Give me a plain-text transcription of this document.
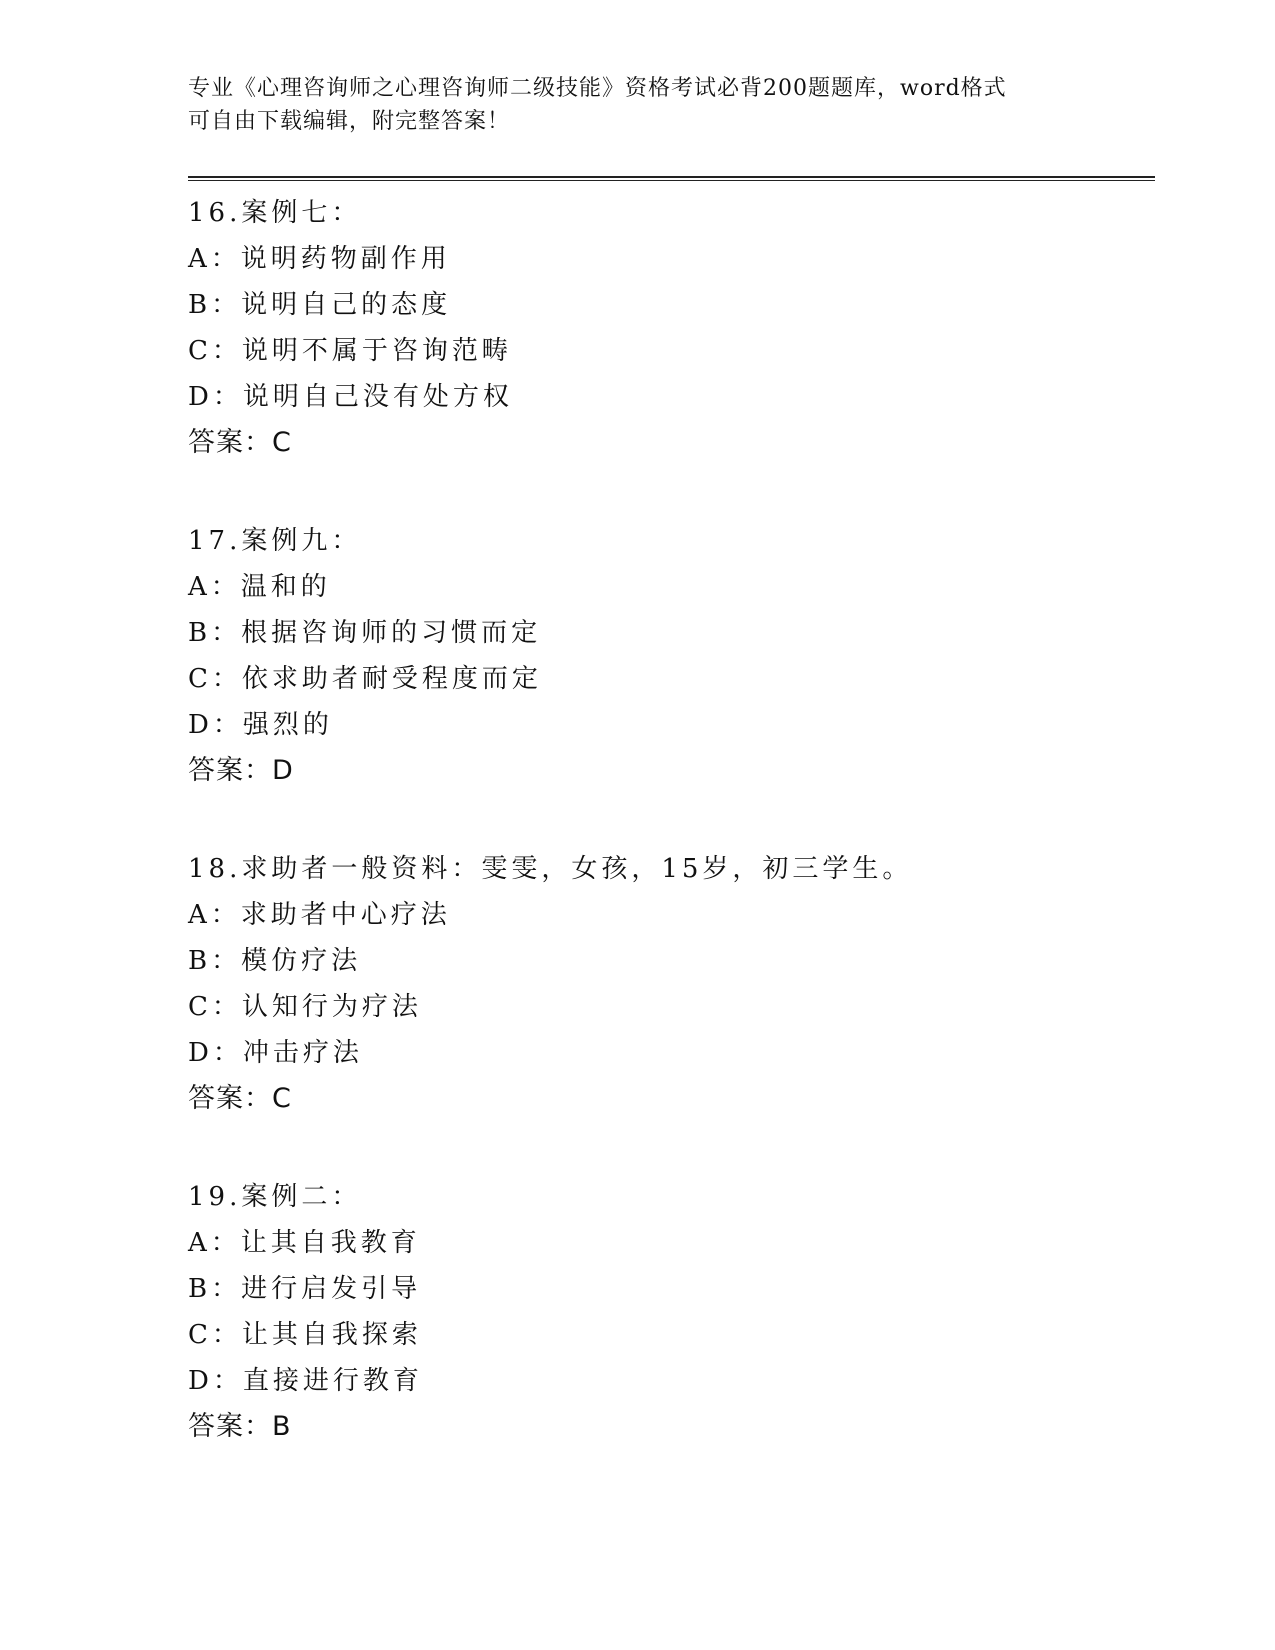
专业《心理咨询师之心理咨询师二级技能》资格考试必背200题题库，word格式
可自由下载编辑，附完整答案！
16.案例七：
A：说明药物副作用
B：说明自己的态度
C：说明不属于咨询范畴
D：说明自己没有处方权
答案：C
17.案例九：
A：温和的
B：根据咨询师的习惯而定
C：依求助者耐受程度而定
D：强烈的
答案：D
18.求助者一般资料：雯雯，女孩，15岁，初三学生。
A：求助者中心疗法
B：模仿疗法
C：认知行为疗法
D：冲击疗法
答案：C
19.案例二：
A：让其自我教育
B：进行启发引导
C：让其自我探索
D：直接进行教育
答案：B
